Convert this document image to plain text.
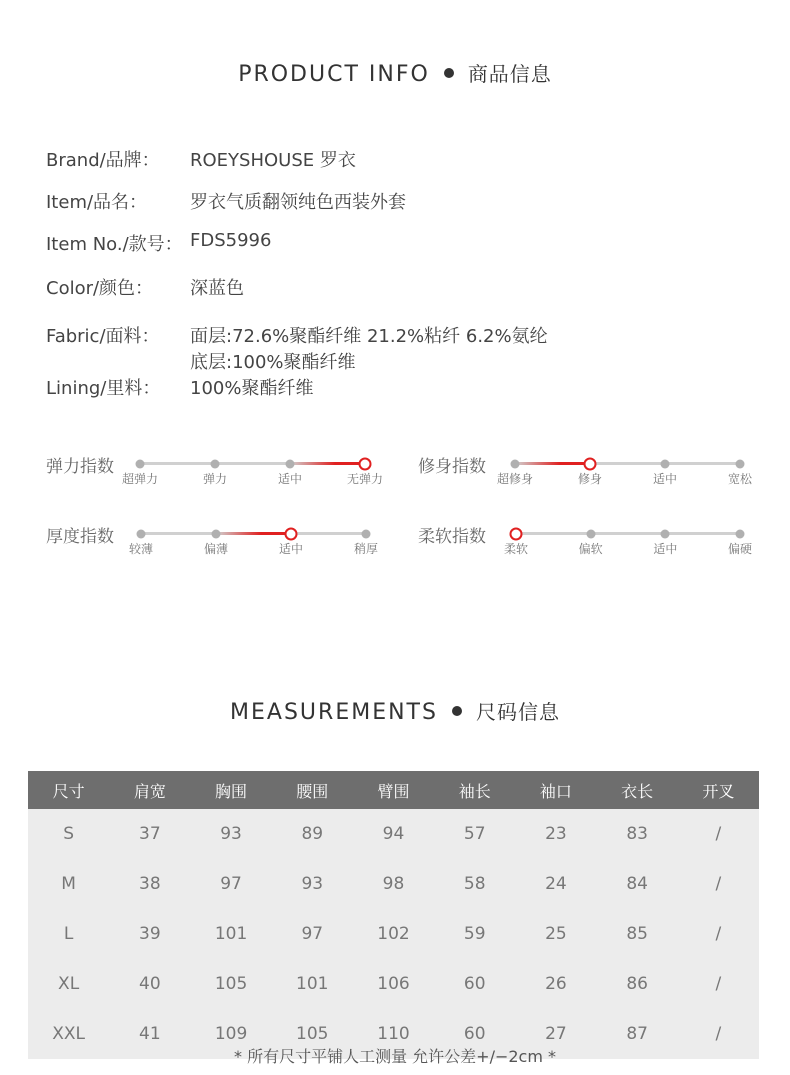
PRODUCT INFO 商品信息
Brand/品牌： ROEYSHOUSE 罗衣
Item/品名： 罗衣气质翻领纯色西装外套
Item No./款号： FDS5996
Color/颜色： 深蓝色
Fabric/面料： 面层:72.6%聚酯纤维 21.2%粘纤 6.2%氨纶
底层:100%聚酯纤维
Lining/里料： 100%聚酯纤维
弹力指数
超弹力	弹力	适中	无弹力
修身指数
超修身	修身	适中	宽松
厚度指数
较薄	偏薄	适中	稍厚
柔软指数
柔软	偏软	适中	偏硬
MEASUREMENTS 尺码信息
尺寸	肩宽	胸围	腰围	臂围	袖长	袖口	衣长	开叉
S	37	93	89	94	57	23	83	/
M	38	97	93	98	58	24	84	/
L	39	101	97	102	59	25	85	/
XL	40	105	101	106	60	26	86	/
XXL	41	109	105	110	60	27	87	/
* 所有尺寸平铺人工测量 允许公差+/−2cm *
